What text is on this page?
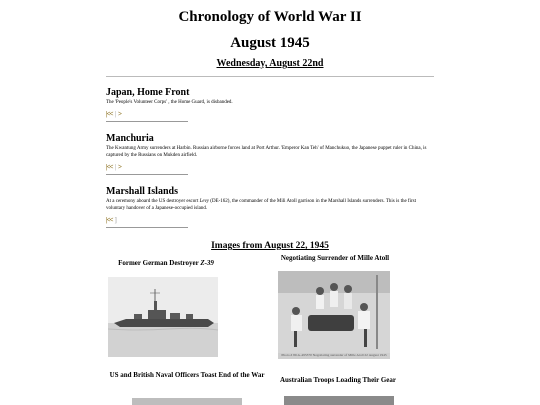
Chronology of World War II
August 1945
Wednesday, August 22nd
Japan, Home Front

The 'People's Volunteer Corps' , the Home Guard, is disbanded.

|<< | >
Manchuria

The Kwantung Army surrenders at Harbin. Russian airborne forces land at Port Arthur. 'Emperor Kan Teh' of Manchukuo, the Japanese puppet ruler in China, is captured by the Russians on Mukden airfield.

|<< | >
Marshall Islands

At a ceremony aboard the US destroyer escort Levy (DE-162), the commander of the Mili Atoll garrison in the Marshall Islands surrenders. This is the first voluntary handover of a Japanese-occupied island.

|<< ]
Images from August 22, 1945
Former German Destroyer Z-39
Negotiating Surrender of Mille Atoll
Photo # 80-G-495370 Negotiating surrender of Mille Atoll 22 August 1945
US and British Naval Officers Toast End of the War
Australian Troops Loading Their Gear
